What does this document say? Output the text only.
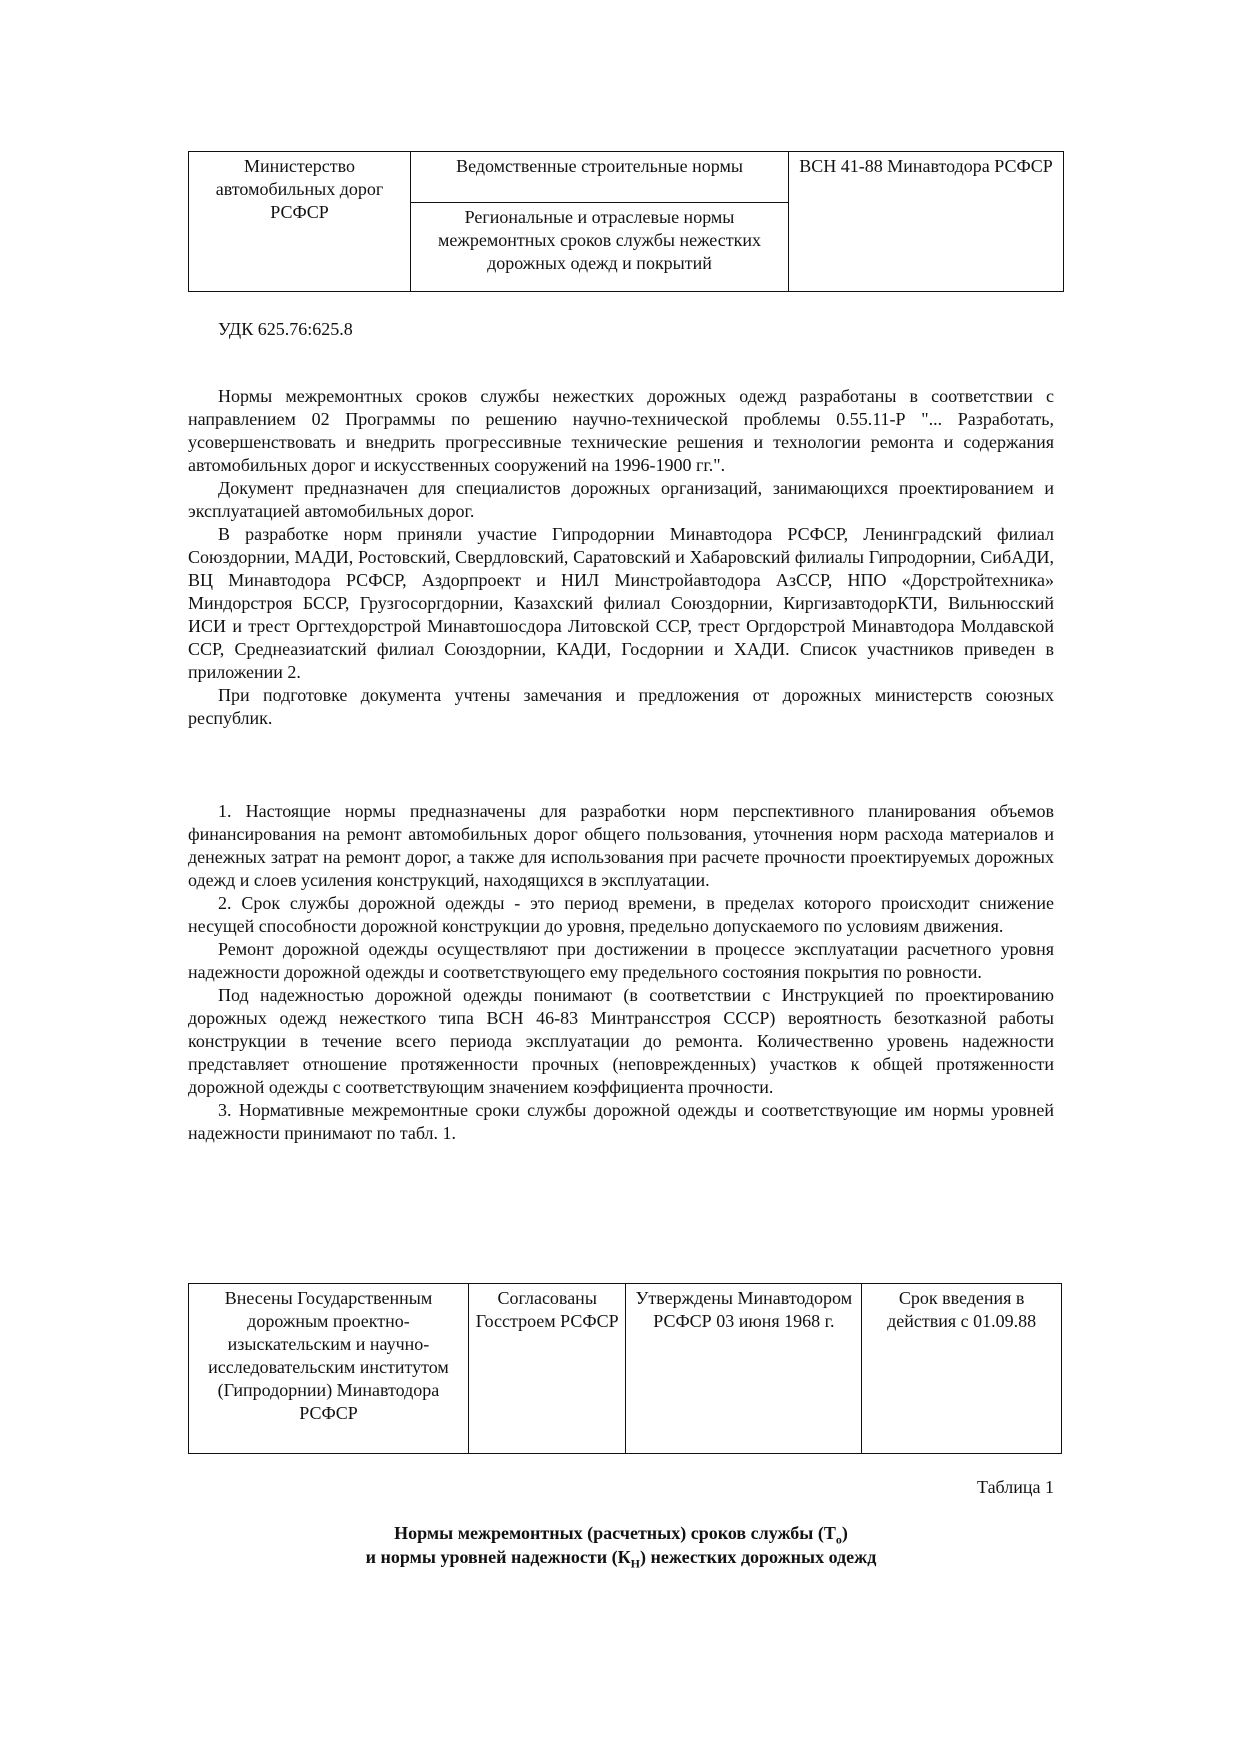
Министерство автомобильных дорог РСФСР	Ведомственные строительные нормы	ВСН 41-88 Минавтодора РСФСР
Региональные и отраслевые нормы межремонтных сроков службы нежестких дорожных одежд и покрытий
УДК 625.76:625.8

Нормы межремонтных сроков службы нежестких дорожных одежд разработаны в соответствии с направлением 02 Программы по решению научно-технической проблемы 0.55.11-Р "... Разработать, усовершенствовать и внедрить прогрессивные технические решения и технологии ремонта и содержания автомобильных дорог и искусственных сооружений на 1996-1900 гг.".

Документ предназначен для специалистов дорожных организаций, занимающихся проектированием и эксплуатацией автомобильных дорог.

В разработке норм приняли участие Гипродорнии Минавтодора РСФСР, Ленинградский филиал Союздорнии, МАДИ, Ростовский, Свердловский, Саратовский и Хабаровский филиалы Гипродорнии, СибАДИ, ВЦ Минавтодора РСФСР, Аздорпроект и НИЛ Минстройавтодора АзССР, НПО «Дорстройтехника» Миндорстроя БССР, Грузгосоргдорнии, Казахский филиал Союздорнии, КиргизавтодорКТИ, Вильнюсский ИСИ и трест Оргтехдорстрой Минавтошосдора Литовской ССР, трест Оргдорстрой Минавтодора Молдавской ССР, Среднеазиатский филиал Союздорнии, КАДИ, Госдорнии и ХАДИ. Список участников приведен в приложении 2.

При подготовке документа учтены замечания и предложения от дорожных министерств союзных республик.

1. Настоящие нормы предназначены для разработки норм перспективного планирования объемов финансирования на ремонт автомобильных дорог общего пользования, уточнения норм расхода материалов и денежных затрат на ремонт дорог, а также для использования при расчете прочности проектируемых дорожных одежд и слоев усиления конструкций, находящихся в эксплуатации.

2. Срок службы дорожной одежды - это период времени, в пределах которого происходит снижение несущей способности дорожной конструкции до уровня, предельно допускаемого по условиям движения.

Ремонт дорожной одежды осуществляют при достижении в процессе эксплуатации расчетного уровня надежности дорожной одежды и соответствующего ему предельного состояния покрытия по ровности.

Под надежностью дорожной одежды понимают (в соответствии с Инструкцией по проектированию дорожных одежд нежесткого типа ВСН 46-83 Минтрансстроя СССР) вероятность безотказной работы конструкции в течение всего периода эксплуатации до ремонта. Количественно уровень надежности представляет отношение протяженности прочных (неповрежденных) участков к общей протяженности дорожной одежды с соответствующим значением коэффициента прочности.

3. Нормативные межремонтные сроки службы дорожной одежды и соответствующие им нормы уровней надежности принимают по табл. 1.

Внесены Государственным дорожным проектно-изыскательским и научно-исследовательским институтом (Гипродорнии) Минавтодора РСФСР	Согласованы Госстроем РСФСР	Утверждены Минавтодором РСФСР 03 июня 1968 г.	Срок введения в действия с 01.09.88
Таблица 1
Нормы межремонтных (расчетных) сроков службы $(Т_о)$
и нормы уровней надежности $(К_Н)$ нежестких дорожных одежд
